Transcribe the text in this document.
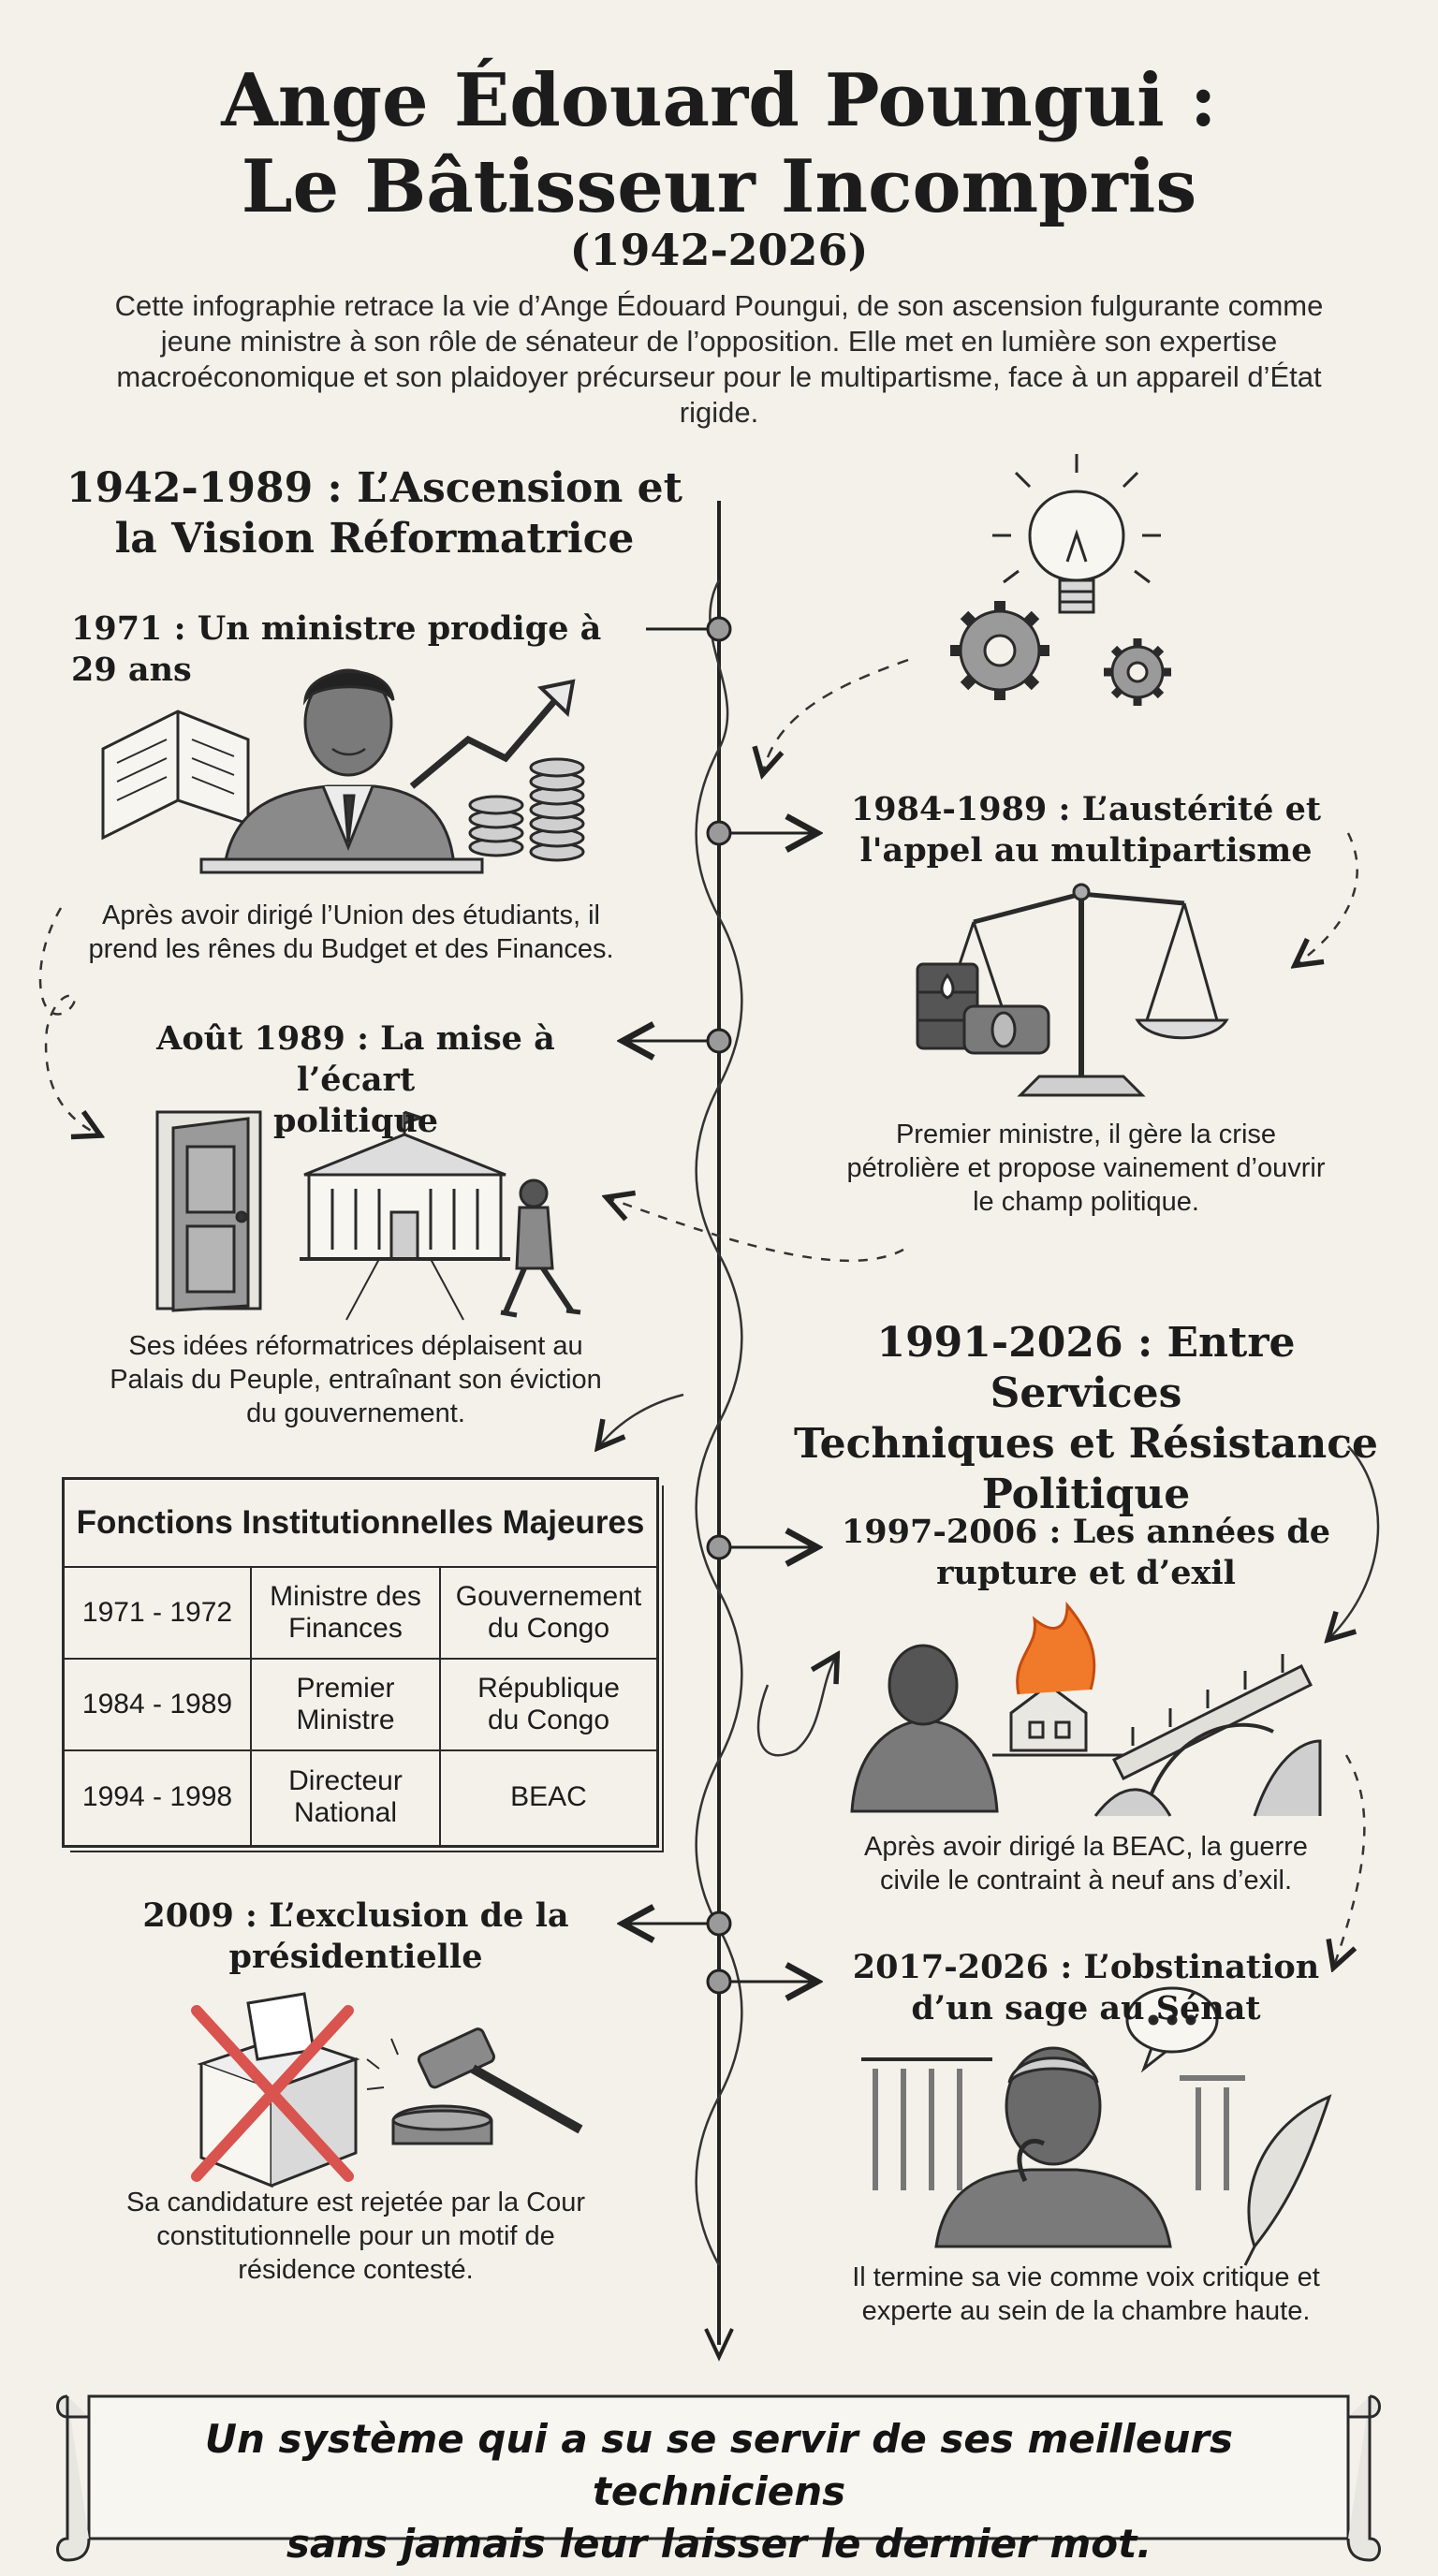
Ange Édouard Poungui :
Le Bâtisseur Incompris
(1942-2026)
Cette infographie retrace la vie d’Ange Édouard Poungui, de son ascension fulgurante comme jeune ministre à son rôle de sénateur de l’opposition. Elle met en lumière son expertise macroéconomique et son plaidoyer précurseur pour le multipartisme, face à un appareil d’État rigide.
1942-1989 : L’Ascension et
la Vision Réformatrice
1991-2026 : Entre Services
Techniques et Résistance
Politique
1971 : Un ministre prodige à 29 ans
Après avoir dirigé l’Union des étudiants, il
prend les rênes du Budget et des Finances.
1984-1989 : L’austérité et
l'appel au multipartisme
Premier ministre, il gère la crise
pétrolière et propose vainement d’ouvrir
le champ politique.
Août 1989 : La mise à l’écart
politique
Ses idées réformatrices déplaisent au
Palais du Peuple, entraînant son éviction
du gouvernement.
Fonctions Institutionnelles Majeures
1971 - 1972
Ministre des
Finances
Gouvernement
du Congo
1984 - 1989
Premier
Ministre
République
du Congo
1994 - 1998
Directeur
National
BEAC
1997-2006 : Les années de
rupture et d’exil
Après avoir dirigé la BEAC, la guerre
civile le contraint à neuf ans d’exil.
2009 : L’exclusion de la
présidentielle
Sa candidature est rejetée par la Cour
constitutionnelle pour un motif de
résidence contesté.
2017-2026 : L’obstination
d’un sage au Sénat
Il termine sa vie comme voix critique et
experte au sein de la chambre haute.
Un système qui a su se servir de ses meilleurs techniciens
sans jamais leur laisser le dernier mot.
